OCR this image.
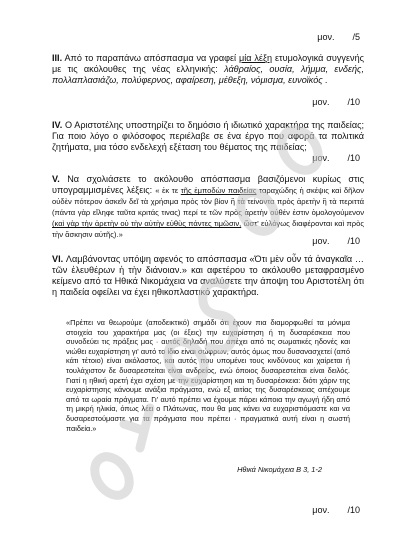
μον. /5
ΙΙΙ. Από το παραπάνω απόσπασμα να γραφεί μία λέξη ετυμολογικά συγγενής με τις ακόλουθες της νέας ελληνικής: λάθραίος, ουσία, λήμμα, ενδεής, πολλαπλασιάζω, πολύφερνος, αφαίρεση, μέθεξη, νόμισμα, ευνοϊκός .
μον. /10
ΙV. Ο Αριστοτέλης υποστηρίζει το δημόσιο ή ιδιωτικό χαρακτήρα της παιδείας; Για ποιο λόγο ο φιλόσοφος περιέλαβε σε ένα έργο που αφορά τα πολιτικά ζητήματα, μια τόσο ενδελεχή εξέταση του θέματος της παιδείας;
μον. /10
V. Να σχολιάσετε το ακόλουθο απόσπασμα βασιζόμενοι κυρίως στις υπογραμμισμένες λέξεις: « ἐκ τε τῆς ἐμποδὼν παιδείας ταραχώδης ἡ σκέψις καὶ δῆλον οὐδὲν πότερον ἀσκεῖν δεῖ τὰ χρήσιμα πρὸς τὸν βίον ἢ τὰ τείνοντα πρὸς ἀρετὴν ἢ τὰ περιττά (πάντα γὰρ εἴληφε ταῦτα κριτάς τινας) περί τε τῶν πρὸς ἀρετὴν οὐθέν ἐστιν ὁμολογούμενον (καὶ γὰρ τὴν ἀρετὴν οὐ τὴν αὐτὴν εὐθὺς πάντες τιμῶσιν, ὥστ' εὐλόγως διαφέρονται καὶ πρὸς τὴν ἄσκησιν αὐτῆς).»
μον. /10
VI. Λαμβάνοντας υπόψη αφενός το απόσπασμα «Ότι μὲν οὖν τά ἀναγκαῖα … τῶν ἐλευθέρων ἡ τὴν διάνοιαν.» και αφετέρου το ακόλουθο μεταφρασμένο κείμενο από τα Ηθικά Νικομάχεια να αναλύσετε την άποψη του Αριστοτέλη ότι η παιδεία οφείλει να έχει ηθικοπλαστικό χαρακτήρα.
«Πρέπει να θεωρούμε (αποδεικτικό) σημάδι ότι έχουν πια διαμορφωθεί τα μόνιμα στοιχεία του χαρακτήρα μας (οι έξεις) την ευχαρίστηση ή τη δυσαρέσκεια που συνοδεύει τις πράξεις μας · αυτός δηλαδή που απέχει από τις σωματικές ηδονές και νιώθει ευχαρίστηση γι' αυτό το ίδιο είναι σώφρων, αυτός όμως που δυσανασχετεί (από κάτι τέτοιο) είναι ακόλαστος, και αυτός που υπομένει τους κινδύνους και χαίρεται ή τουλάχιστον δε δυσαρεστείται είναι ανδρείος, ενώ όποιος δυσαρεστείται είναι δειλός. Γιατί η ηθική αρετή έχει σχέση με την ευχαρίστηση και τη δυσαρέσκεια: διότι χάριν της ευχαρίστησης κάνουμε ανάξια πράγματα, ενώ εξ αιτίας της δυσαρέσκειας απέχουμε από τα ωραία πράγματα. Γι' αυτό πρέπει να έχουμε πάρει κάποια την αγωγή ήδη από τη μικρή ηλικία, όπως λέει ο Πλάτωνας, που θα μας κάνει να ευχαριστιόμαστε και να δυσαρεστούμαστε για τα πράγματα που πρέπει · πραγματικά αυτή είναι η σωστή παιδεία.»
Ηθικά Νικομάχεια Β 3, 1-2
μον. /10
